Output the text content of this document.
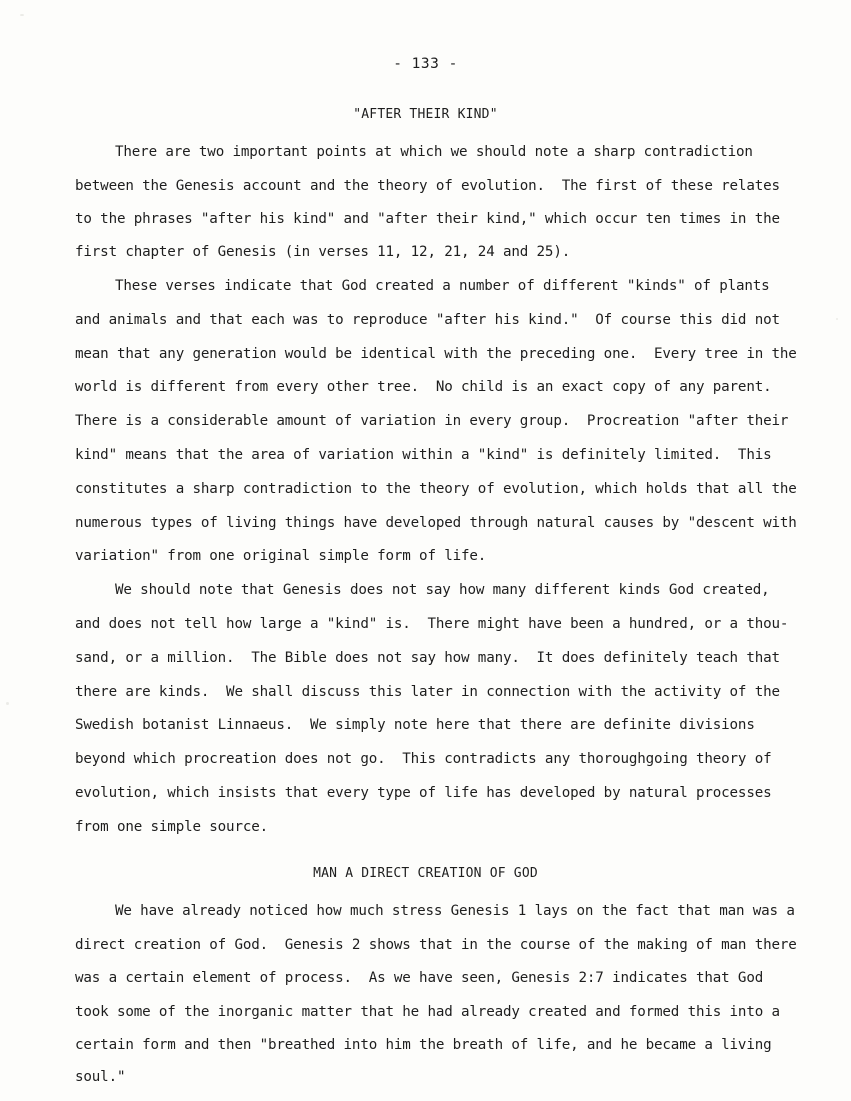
- 133 -
"AFTER THEIR KIND"
There are two important points at which we should note a sharp contradiction
between the Genesis account and the theory of evolution.  The first of these relates
to the phrases "after his kind" and "after their kind," which occur ten times in the
first chapter of Genesis (in verses 11, 12, 21, 24 and 25).
These verses indicate that God created a number of different "kinds" of plants
and animals and that each was to reproduce "after his kind."  Of course this did not
mean that any generation would be identical with the preceding one.  Every tree in the
world is different from every other tree.  No child is an exact copy of any parent.
There is a considerable amount of variation in every group.  Procreation "after their
kind" means that the area of variation within a "kind" is definitely limited.  This
constitutes a sharp contradiction to the theory of evolution, which holds that all the
numerous types of living things have developed through natural causes by "descent with
variation" from one original simple form of life.
We should note that Genesis does not say how many different kinds God created,
and does not tell how large a "kind" is.  There might have been a hundred, or a thou-
sand, or a million.  The Bible does not say how many.  It does definitely teach that
there are kinds.  We shall discuss this later in connection with the activity of the
Swedish botanist Linnaeus.  We simply note here that there are definite divisions
beyond which procreation does not go.  This contradicts any thoroughgoing theory of
evolution, which insists that every type of life has developed by natural processes
from one simple source.
MAN A DIRECT CREATION OF GOD
We have already noticed how much stress Genesis 1 lays on the fact that man was a
direct creation of God.  Genesis 2 shows that in the course of the making of man there
was a certain element of process.  As we have seen, Genesis 2:7 indicates that God
took some of the inorganic matter that he had already created and formed this into a
certain form and then "breathed into him the breath of life, and he became a living
soul."
